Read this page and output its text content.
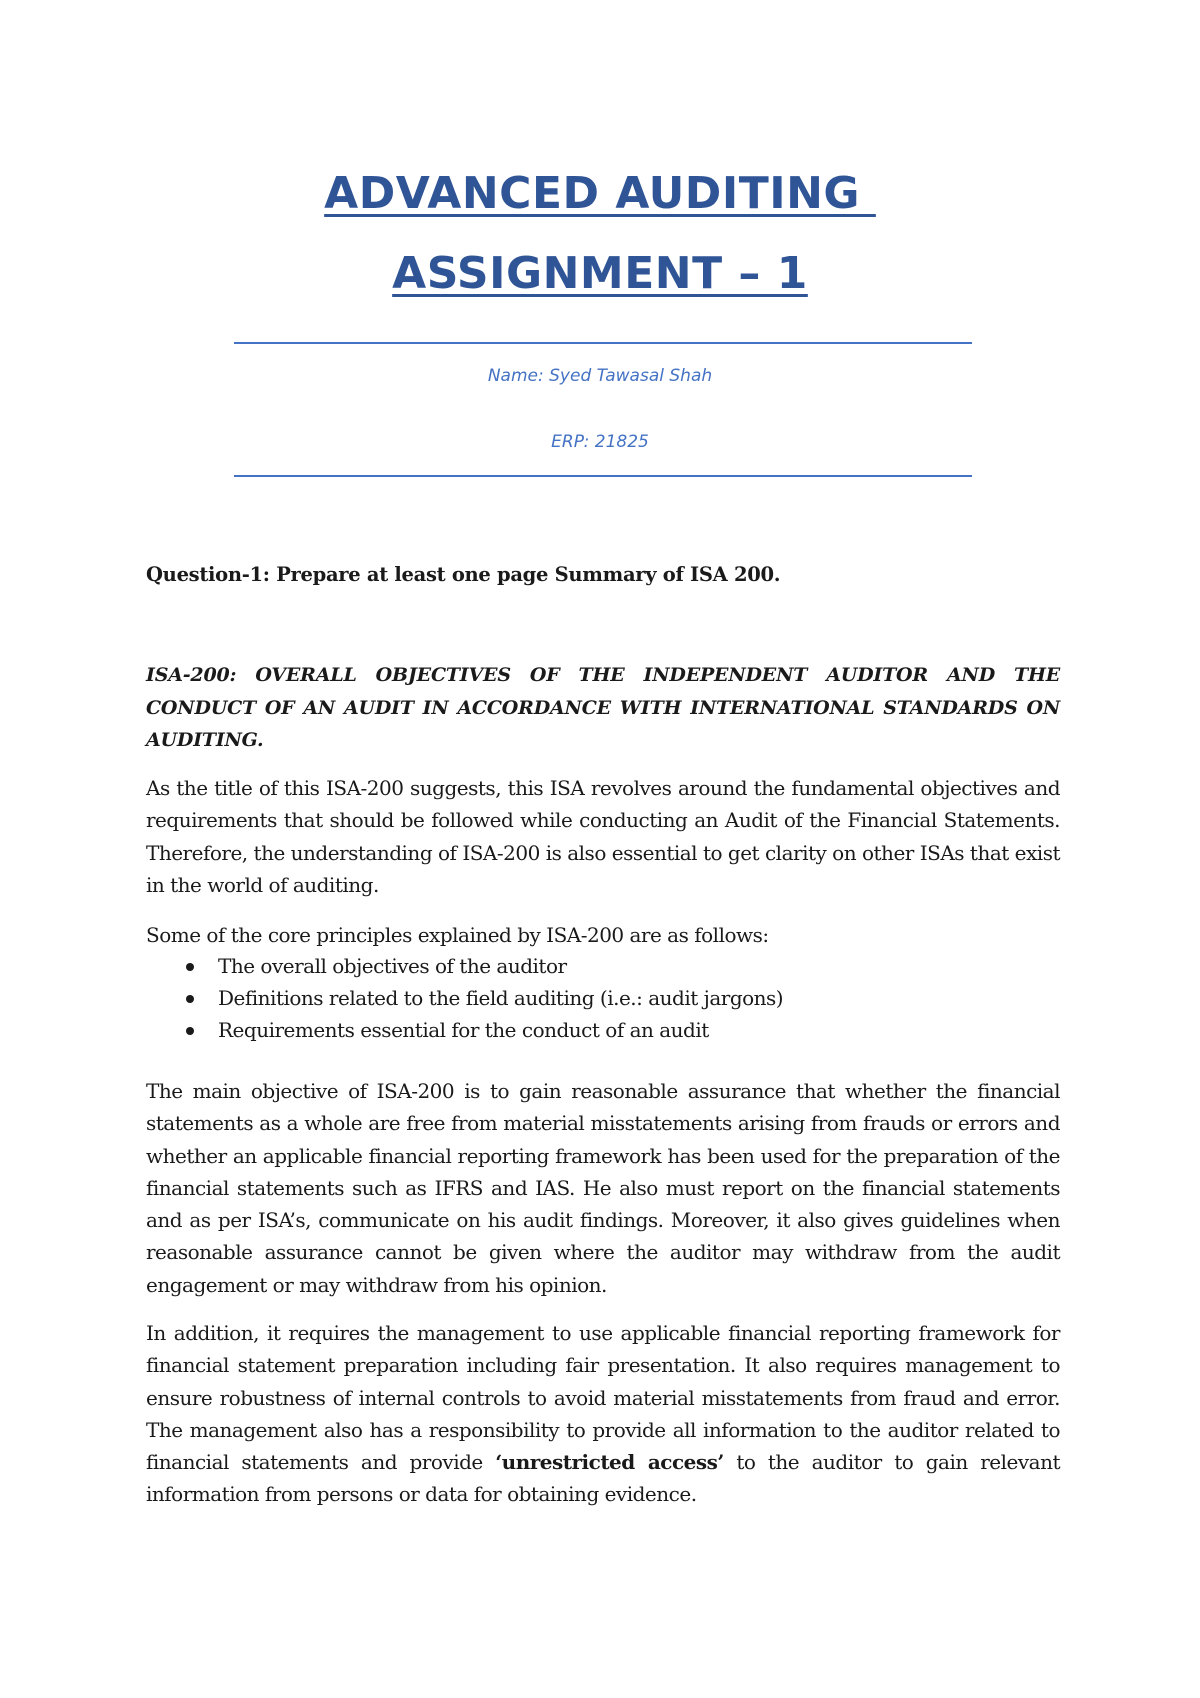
ADVANCED AUDITING
ASSIGNMENT – 1
Name: Syed Tawasal Shah
ERP: 21825
Question-1: Prepare at least one page Summary of ISA 200.
ISA-200: OVERALL OBJECTIVES OF THE INDEPENDENT AUDITOR AND THE CONDUCT OF AN AUDIT IN ACCORDANCE WITH INTERNATIONAL STANDARDS ON AUDITING.
As the title of this ISA-200 suggests, this ISA revolves around the fundamental objectives and requirements that should be followed while conducting an Audit of the Financial Statements. Therefore, the understanding of ISA-200 is also essential to get clarity on other ISAs that exist in the world of auditing.
Some of the core principles explained by ISA-200 are as follows:
The overall objectives of the auditor
Definitions related to the field auditing (i.e.: audit jargons)
Requirements essential for the conduct of an audit
The main objective of ISA-200 is to gain reasonable assurance that whether the financial statements as a whole are free from material misstatements arising from frauds or errors and whether an applicable financial reporting framework has been used for the preparation of the financial statements such as IFRS and IAS. He also must report on the financial statements and as per ISA’s, communicate on his audit findings. Moreover, it also gives guidelines when reasonable assurance cannot be given where the auditor may withdraw from the audit engagement or may withdraw from his opinion.
In addition, it requires the management to use applicable financial reporting framework for financial statement preparation including fair presentation. It also requires management to ensure robustness of internal controls to avoid material misstatements from fraud and error. The management also has a responsibility to provide all information to the auditor related to financial statements and provide ‘unrestricted access’ to the auditor to gain relevant information from persons or data for obtaining evidence.
